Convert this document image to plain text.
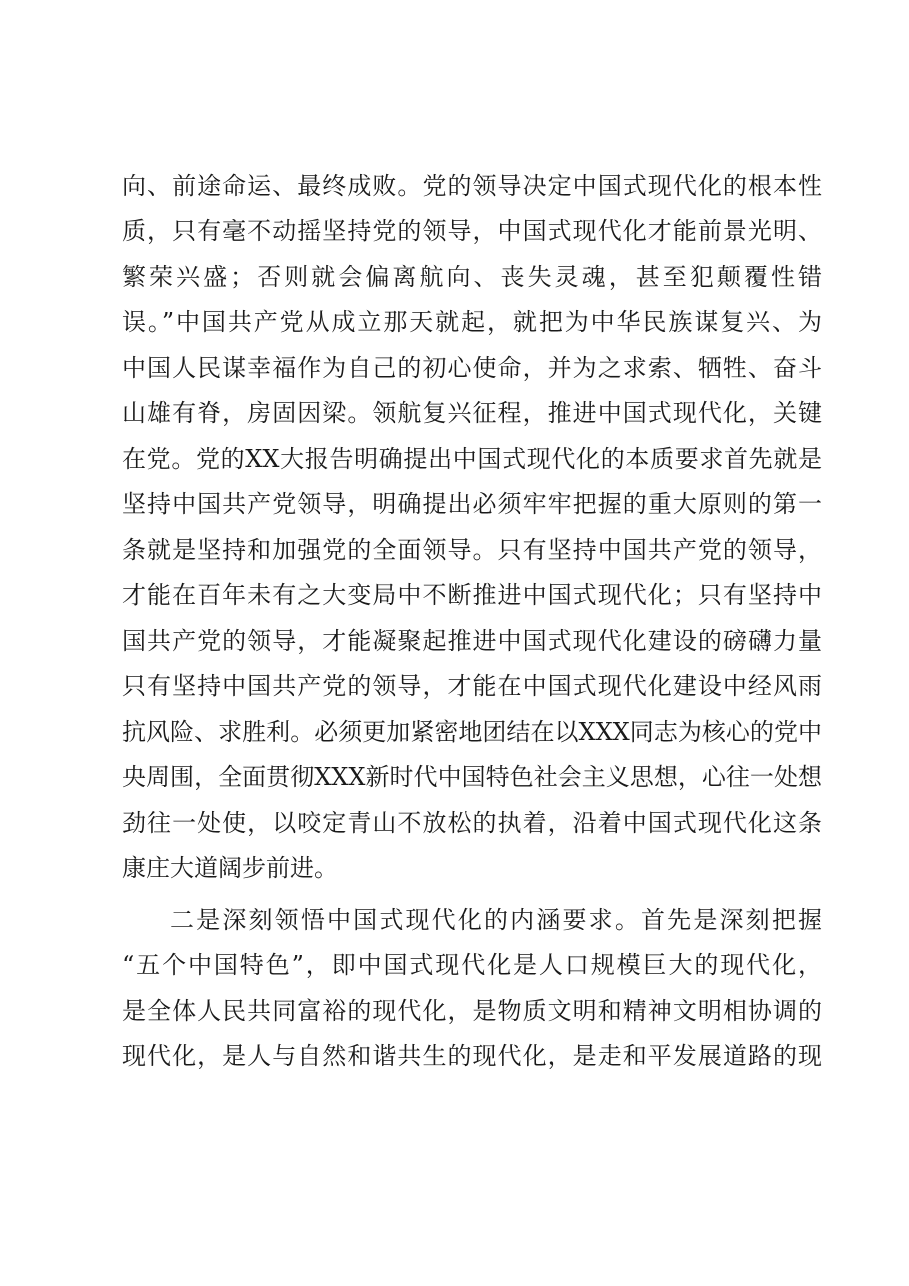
向、前途命运、最终成败。党的领导决定中国式现代化的根本性
质，只有毫不动摇坚持党的领导，中国式现代化才能前景光明、
繁荣兴盛；否则就会偏离航向、丧失灵魂，甚至犯颠覆性错
误。”中国共产党从成立那天就起，就把为中华民族谋复兴、为
中国人民谋幸福作为自己的初心使命，并为之求索、牺牲、奋斗
山雄有脊，房固因梁。领航复兴征程，推进中国式现代化，关键
在党。党的XX大报告明确提出中国式现代化的本质要求首先就是
坚持中国共产党领导，明确提出必须牢牢把握的重大原则的第一
条就是坚持和加强党的全面领导。只有坚持中国共产党的领导，
才能在百年未有之大变局中不断推进中国式现代化；只有坚持中
国共产党的领导，才能凝聚起推进中国式现代化建设的磅礴力量
只有坚持中国共产党的领导，才能在中国式现代化建设中经风雨
抗风险、求胜利。必须更加紧密地团结在以XXX同志为核心的党中
央周围，全面贯彻XXX新时代中国特色社会主义思想，心往一处想
劲往一处使，以咬定青山不放松的执着，沿着中国式现代化这条
康庄大道阔步前进。
二是深刻领悟中国式现代化的内涵要求。首先是深刻把握
“五个中国特色”，即中国式现代化是人口规模巨大的现代化，
是全体人民共同富裕的现代化，是物质文明和精神文明相协调的
现代化，是人与自然和谐共生的现代化，是走和平发展道路的现
